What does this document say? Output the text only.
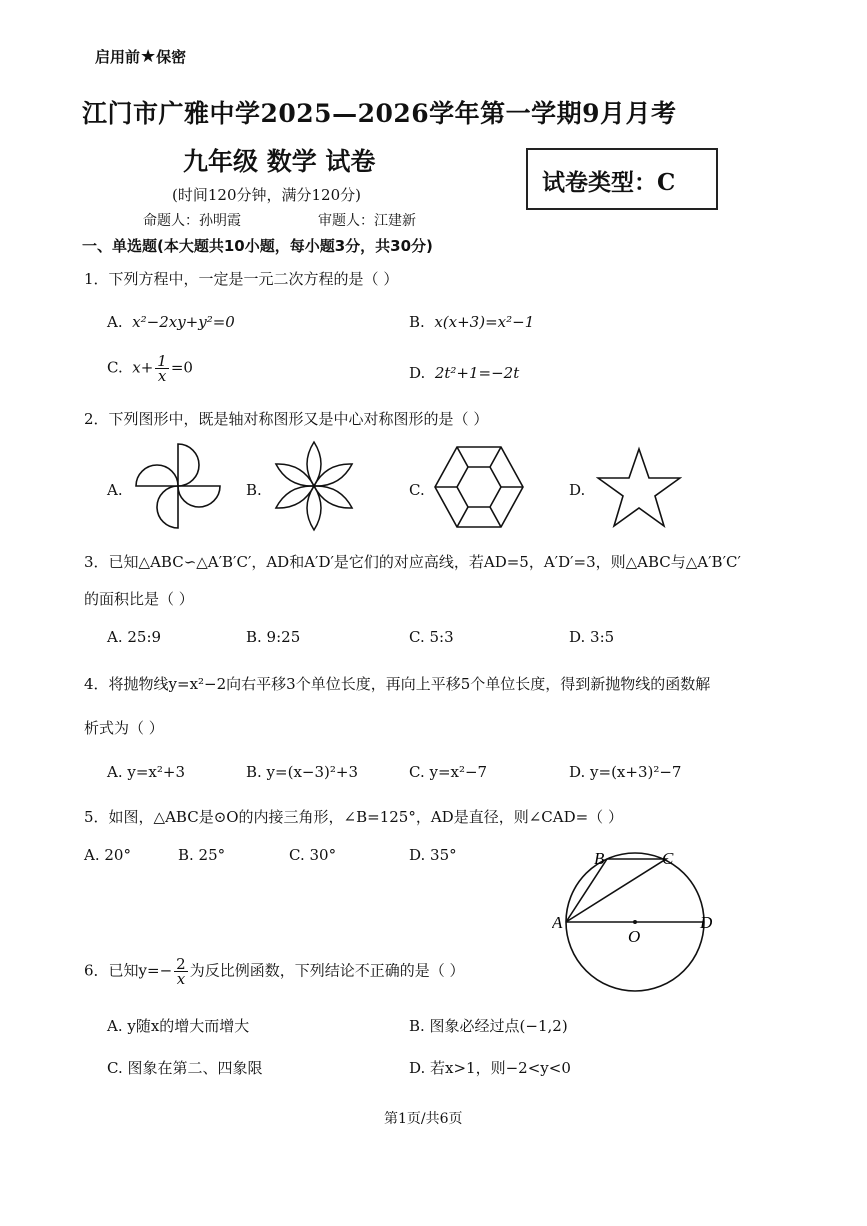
启用前★保密
江门市广雅中学2025—2026学年第一学期9月月考
九年级 数学 试卷
试卷类型：C
(时间120分钟，满分120分)
命题人：孙明霞	审题人：江建新
一、单选题(本大题共10小题，每小题3分，共30分)
1．下列方程中，一定是一元二次方程的是（ ）
A. x²−2xy+y²=0	B. x(x+3)=x²−1
C. $x+ \frac{1}{x} =0$	D. 2t²+1=−2t
2．下列图形中，既是轴对称图形又是中心对称图形的是（ ）
A.	B.	C.	D.
3．已知△ABC∽△A′B′C′，AD和A′D′是它们的对应高线，若AD=5，A′D′=3，则△ABC与△A′B′C′
的面积比是（ ）
A. 25:9	B. 9:25	C. 5:3	D. 3:5
4．将抛物线y=x²−2向右平移3个单位长度，再向上平移5个单位长度，得到新抛物线的函数解
析式为（ ）
A. y=x²+3	B. y=(x−3)²+3	C. y=x²−7	D. y=(x+3)²−7
5．如图，△ABC是⊙O的内接三角形，∠B=125°，AD是直径，则∠CAD=（ ）
A. 20°	B. 25°	C. 30°	D. 35°
A
B	C
D
O
6．已知$y=- \frac{2}{x}$ 为反比例函数，下列结论不正确的是（ ）
A. y随x的增大而增大	B. 图象必经过点(−1,2)
C. 图象在第二、四象限	D. 若x>1，则−2<y<0
第1页/共6页
